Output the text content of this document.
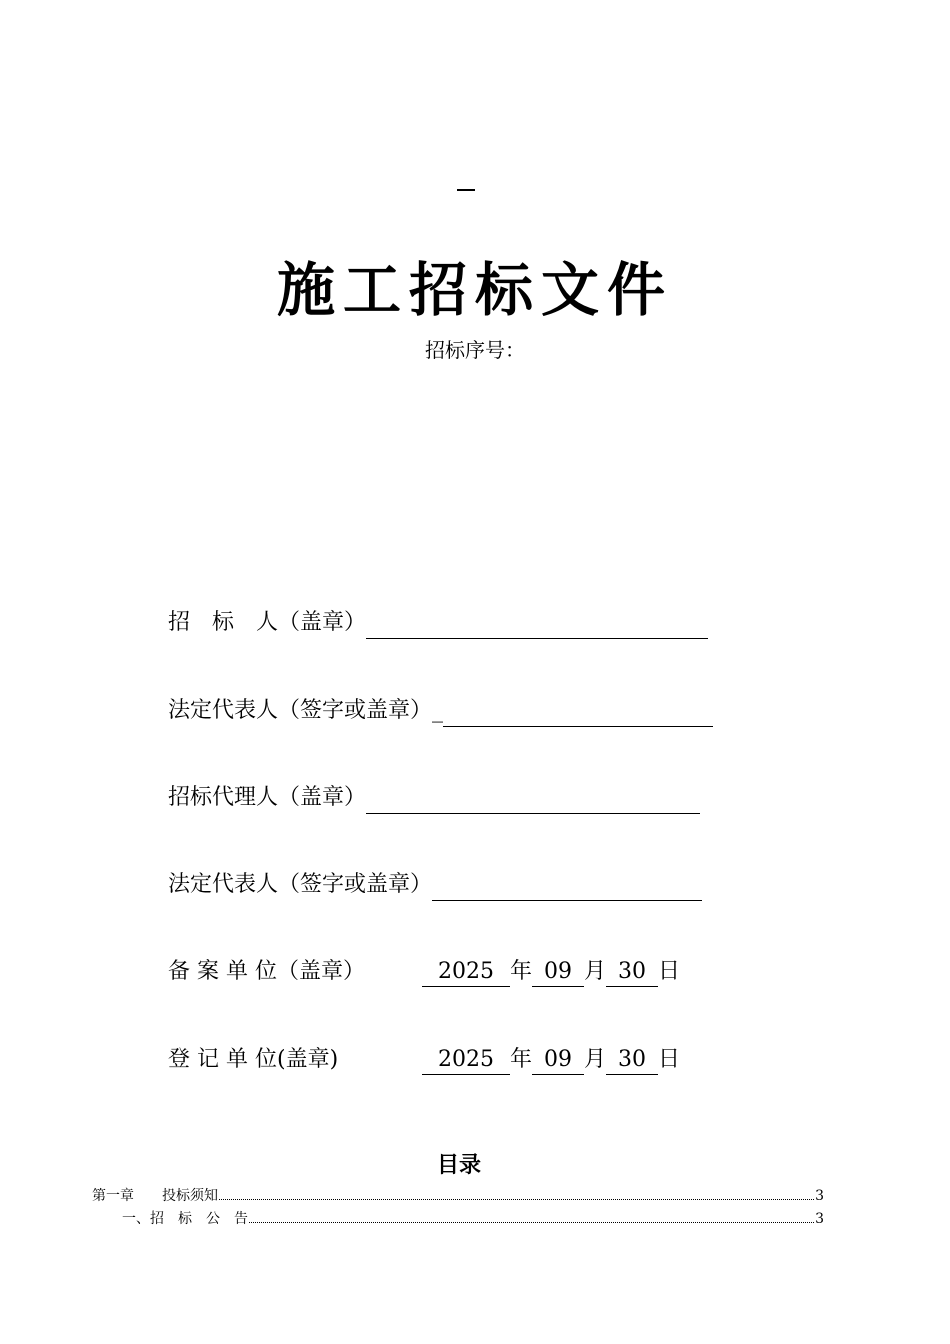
施工招标文件
招标序号：
招　标　人（盖章）
法定代表人（签字或盖章）_
招标代理人（盖章）
法定代表人（签字或盖章）
备 案 单 位（盖章）	2025 年 09 月 30 日
登 记 单 位(盖章)	2025 年 09 月 30 日
目录
第一章　　投标须知	3
一、招　标　公　告	3
